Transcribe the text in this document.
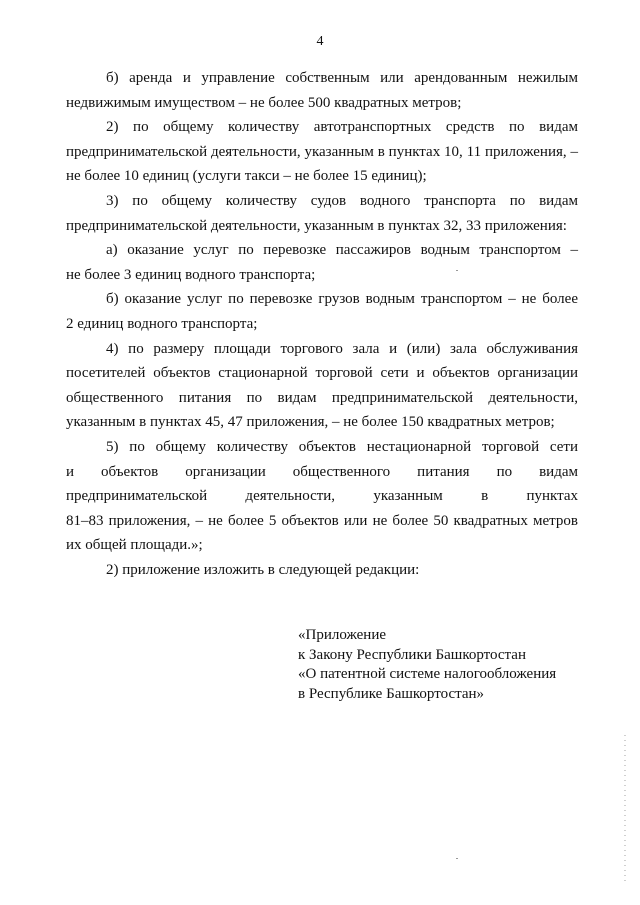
4

б) аренда и управление собственным или арендованным нежилым
недвижимым имуществом – не более 500 квадратных метров;

2) по общему количеству автотранспортных средств по видам
предпринимательской деятельности, указанным в пунктах 10, 11 приложения, –
не более 10 единиц (услуги такси – не более 15 единиц);

3) по общему количеству судов водного транспорта по видам
предпринимательской деятельности, указанным в пунктах 32, 33 приложения:

а) оказание услуг по перевозке пассажиров водным транспортом –
не более 3 единиц водного транспорта;

б) оказание услуг по перевозке грузов водным транспортом – не более
2 единиц водного транспорта;

4) по размеру площади торгового зала и (или) зала обслуживания
посетителей объектов стационарной торговой сети и объектов организации
общественного питания по видам предпринимательской деятельности,
указанным в пунктах 45, 47 приложения, – не более 150 квадратных метров;

5) по общему количеству объектов нестационарной торговой сети
и объектов организации общественного питания по видам
предпринимательской деятельности, указанным в пунктах
81–83 приложения, – не более 5 объектов или не более 50 квадратных метров
их общей площади.»;

2) приложение изложить в следующей редакции:

«Приложение
к Закону Республики Башкортостан
«О патентной системе налогообложения
в Республике Башкортостан»
